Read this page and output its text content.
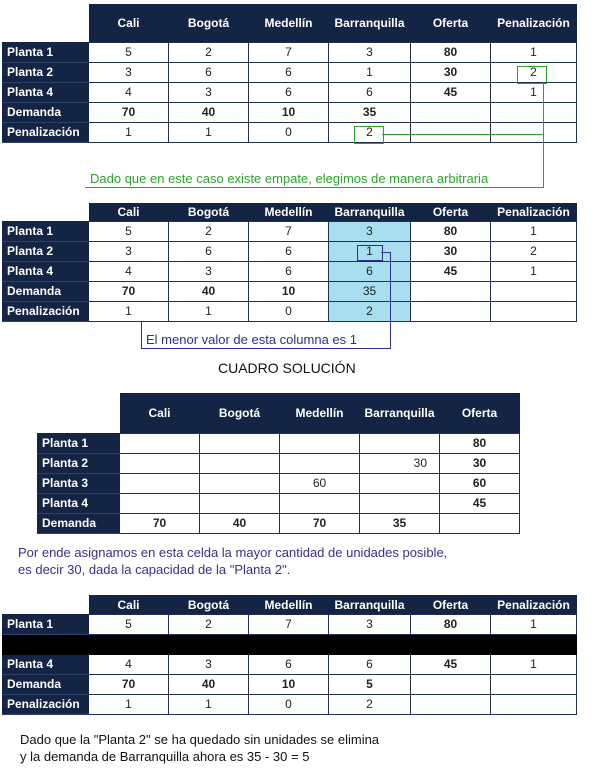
	Cali	Bogotá	Medellín	Barranquilla	Oferta	Penalización
Planta 1	5	2	7	3	80	1
Planta 2	3	6	6	1	30	2
Planta 4	4	3	6	6	45	1
Demanda	70	40	10	35		
Penalización	1	1	0	2		
Dado que en este caso existe empate, elegimos de manera arbitraria
	Cali	Bogotá	Medellín	Barranquilla	Oferta	Penalización
Planta 1	5	2	7	3	80	1
Planta 2	3	6	6	1	30	2
Planta 4	4	3	6	6	45	1
Demanda	70	40	10	35		
Penalización	1	1	0	2		
El menor valor de esta columna es 1
CUADRO SOLUCIÓN
	Cali	Bogotá	Medellín	Barranquilla	Oferta
Planta 1					80
Planta 2				30	30
Planta 3			60		60
Planta 4					45
Demanda	70	40	70	35	
Por ende asignamos en esta celda la mayor cantidad de unidades posible,
es decir 30, dada la capacidad de la "Planta 2".
	Cali	Bogotá	Medellín	Barranquilla	Oferta	Penalización
Planta 1	5	2	7	3	80	1

Planta 4	4	3	6	6	45	1
Demanda	70	40	10	5		
Penalización	1	1	0	2		
Dado que la "Planta 2" se ha quedado sin unidades se elimina
y la demanda de Barranquilla ahora es 35 - 30 = 5
